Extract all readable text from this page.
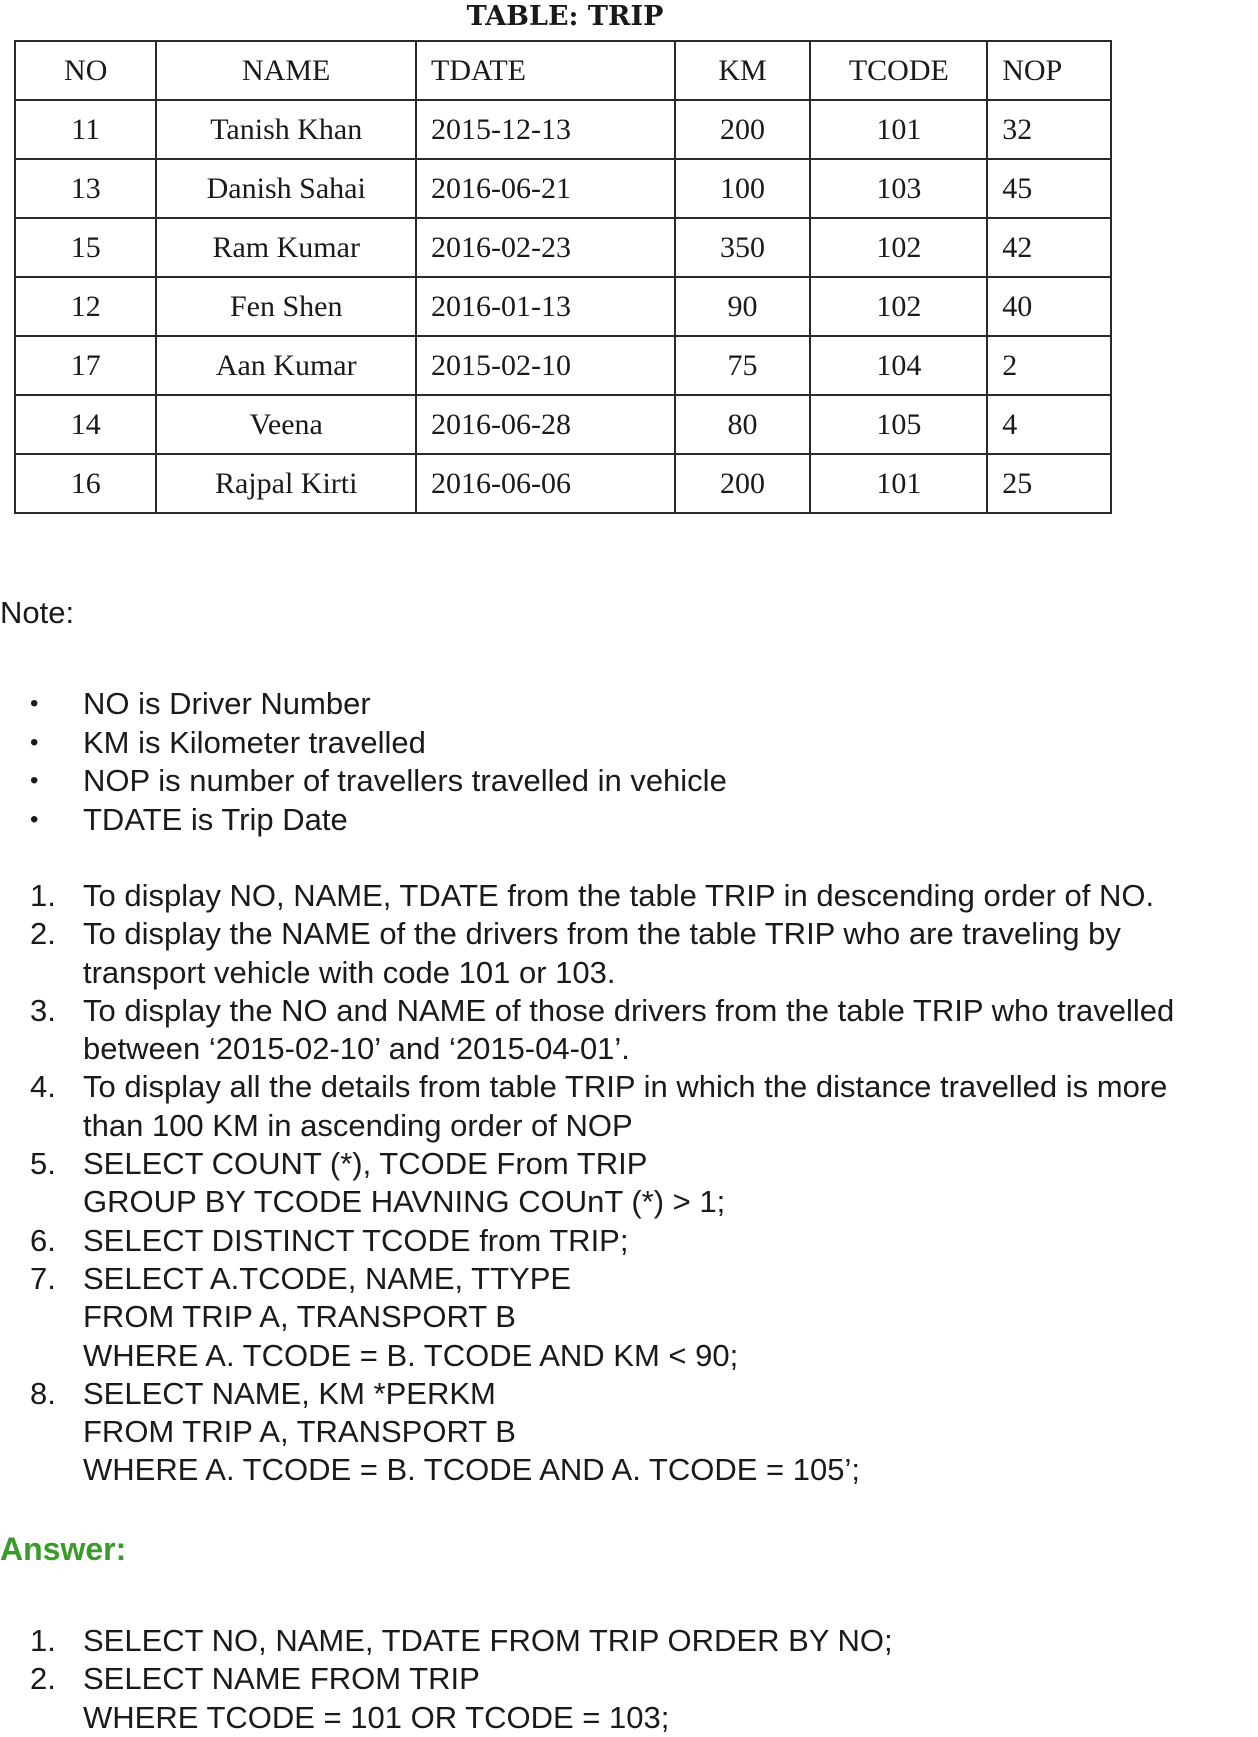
TABLE: TRIP
NO	NAME	TDATE	KM	TCODE	NOP
11	Tanish Khan	2015-12-13	200	101	32
13	Danish Sahai	2016-06-21	100	103	45
15	Ram Kumar	2016-02-23	350	102	42
12	Fen Shen	2016-01-13	90	102	40
17	Aan Kumar	2015-02-10	75	104	2
14	Veena	2016-06-28	80	105	4
16	Rajpal Kirti	2016-06-06	200	101	25
Note:
• NO is Driver Number
• KM is Kilometer travelled
• NOP is number of travellers travelled in vehicle
• TDATE is Trip Date
1. To display NO, NAME, TDATE from the table TRIP in descending order of NO.
2. To display the NAME of the drivers from the table TRIP who are traveling by
transport vehicle with code 101 or 103.
3. To display the NO and NAME of those drivers from the table TRIP who travelled
between ‘2015-02-10’ and ‘2015-04-01’.
4. To display all the details from table TRIP in which the distance travelled is more
than 100 KM in ascending order of NOP
5. SELECT COUNT (*), TCODE From TRIP
GROUP BY TCODE HAVNING COUnT (*) > 1;
6. SELECT DISTINCT TCODE from TRIP;
7. SELECT A.TCODE, NAME, TTYPE
FROM TRIP A, TRANSPORT B
WHERE A. TCODE = B. TCODE AND KM < 90;
8. SELECT NAME, KM *PERKM
FROM TRIP A, TRANSPORT B
WHERE A. TCODE = B. TCODE AND A. TCODE = 105’;
Answer:
1. SELECT NO, NAME, TDATE FROM TRIP ORDER BY NO;
2. SELECT NAME FROM TRIP
WHERE TCODE = 101 OR TCODE = 103;
